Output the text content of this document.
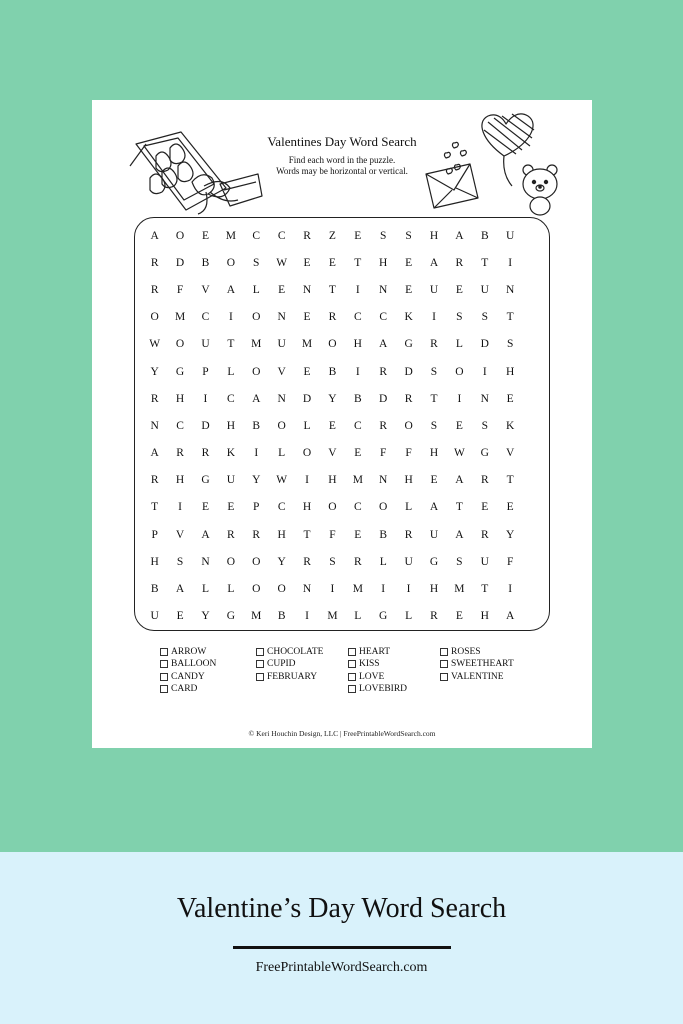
Valentines Day Word Search
Find each word in the puzzle.
Words may be horizontal or vertical.
A	O	E	M	C	C	R	Z	E	S	S	H	A	B	U
R	D	B	O	S	W	E	E	T	H	E	A	R	T	I
R	F	V	A	L	E	N	T	I	N	E	U	E	U	N
O	M	C	I	O	N	E	R	C	C	K	I	S	S	T
W	O	U	T	M	U	M	O	H	A	G	R	L	D	S
Y	G	P	L	O	V	E	B	I	R	D	S	O	I	H
R	H	I	C	A	N	D	Y	B	D	R	T	I	N	E
N	C	D	H	B	O	L	E	C	R	O	S	E	S	K
A	R	R	K	I	L	O	V	E	F	F	H	W	G	V
R	H	G	U	Y	W	I	H	M	N	H	E	A	R	T
T	I	E	E	P	C	H	O	C	O	L	A	T	E	E
P	V	A	R	R	H	T	F	E	B	R	U	A	R	Y
H	S	N	O	O	Y	R	S	R	L	U	G	S	U	F
B	A	L	L	O	O	N	I	M	I	I	H	M	T	I
U	E	Y	G	M	B	I	M	L	G	L	R	E	H	A
ARROW
BALLOON
CANDY
CARD
CHOCOLATE
CUPID
FEBRUARY
HEART
KISS
LOVE
LOVEBIRD
ROSES
SWEETHEART
VALENTINE
© Keri Houchin Design, LLC | FreePrintableWordSearch.com
Valentine’s Day Word Search
FreePrintableWordSearch.com
